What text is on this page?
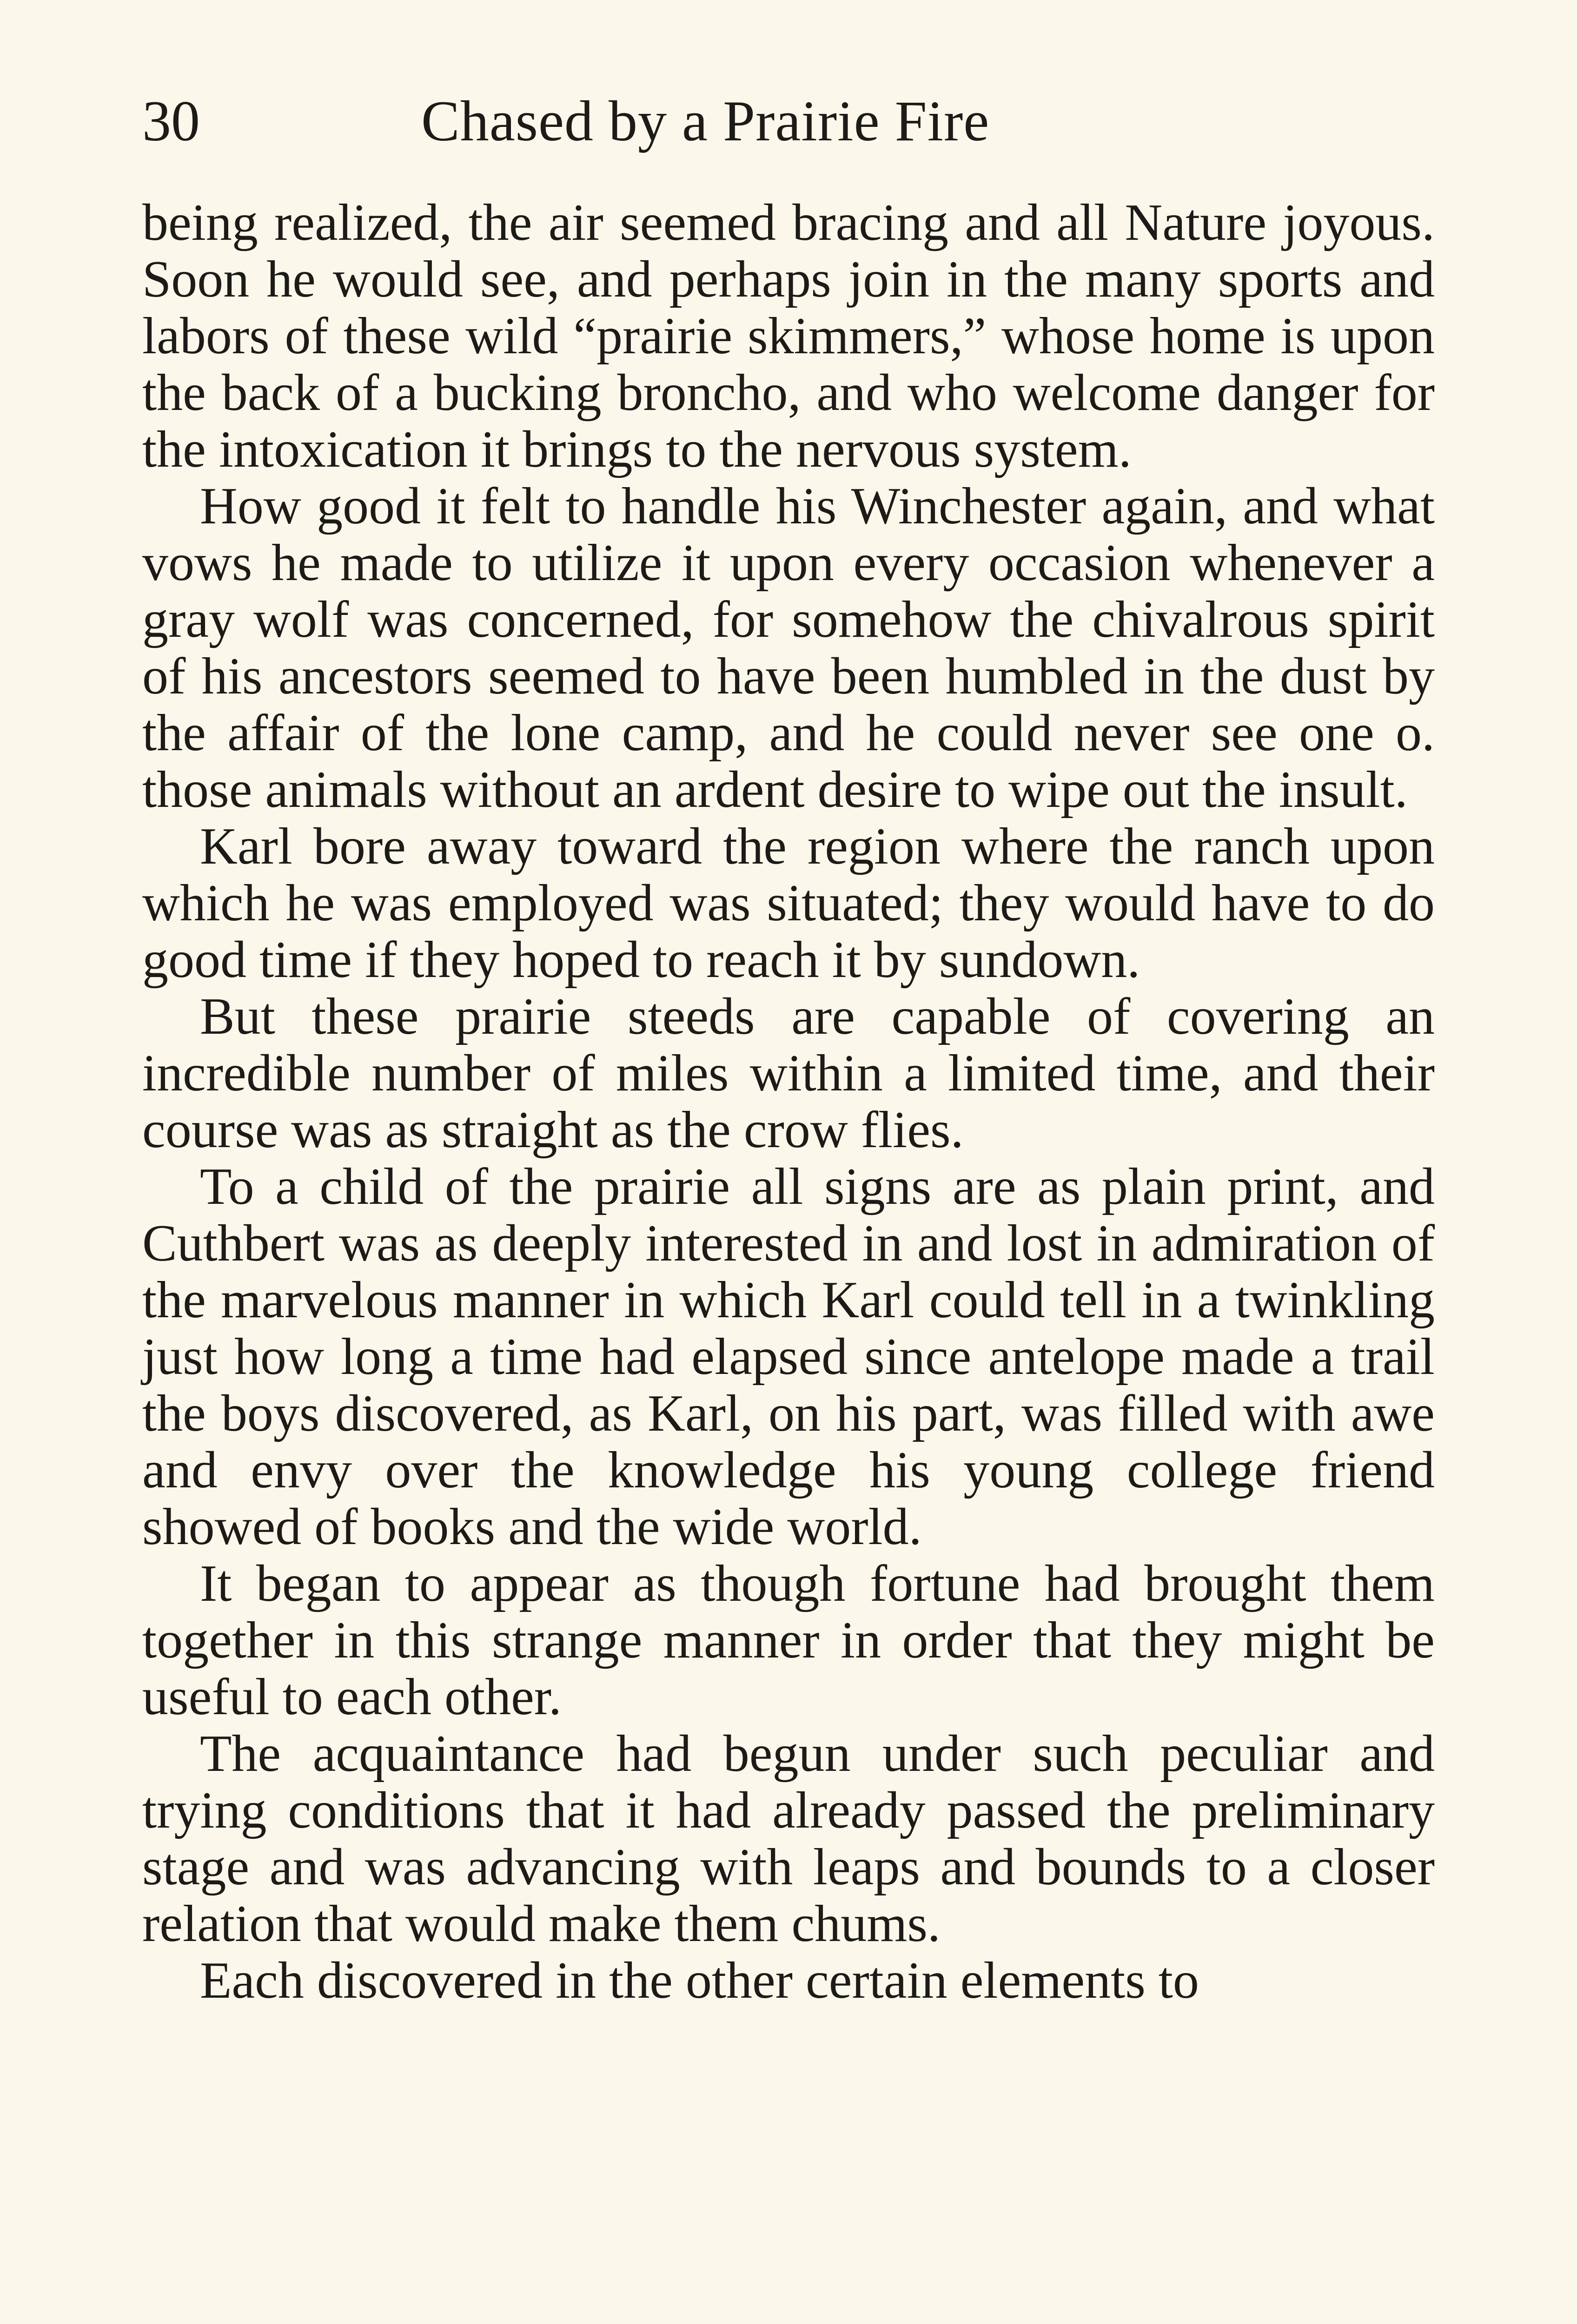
30	Chased by a Prairie Fire

being realized, the air seemed bracing and all Nature joyous. Soon he would see, and perhaps join in the many sports and labors of these wild “prairie skimmers,” whose home is upon the back of a bucking broncho, and who welcome danger for the intoxication it brings to the nervous system.

How good it felt to handle his Winchester again, and what vows he made to utilize it upon every occasion whenever a gray wolf was concerned, for somehow the chivalrous spirit of his ancestors seemed to have been humbled in the dust by the affair of the lone camp, and he could never see one o. those animals without an ardent desire to wipe out the insult.

Karl bore away toward the region where the ranch upon which he was employed was situated; they would have to do good time if they hoped to reach it by sundown.

But these prairie steeds are capable of covering an incredible number of miles within a limited time, and their course was as straight as the crow flies.

To a child of the prairie all signs are as plain print, and Cuthbert was as deeply interested in and lost in admiration of the marvelous manner in which Karl could tell in a twinkling just how long a time had elapsed since antelope made a trail the boys discovered, as Karl, on his part, was filled with awe and envy over the knowledge his young college friend showed of books and the wide world.

It began to appear as though fortune had brought them together in this strange manner in order that they might be useful to each other.

The acquaintance had begun under such peculiar and trying conditions that it had already passed the preliminary stage and was advancing with leaps and bounds to a closer relation that would make them chums.

Each discovered in the other certain elements to
